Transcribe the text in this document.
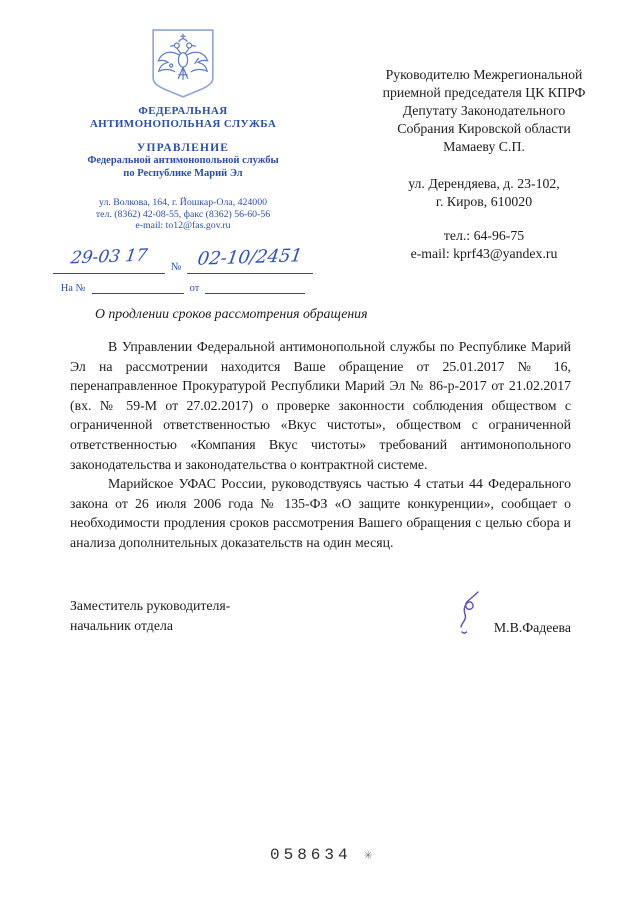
ФЕДЕРАЛЬНАЯ
АНТИМОНОПОЛЬНАЯ СЛУЖБА
УПРАВЛЕНИЕ
Федеральной антимонопольной службы
по Республике Марий Эл
ул. Волкова, 164, г. Йошкар-Ола, 424000
тел. (8362) 42-08-55, факс (8362) 56-60-56
e-mail: to12@fas.gov.ru
29-03 17	№ 02-10/2451
На №	от
Руководителю Межрегиональной
приемной председателя ЦК КПРФ
Депутату Законодательного
Собрания Кировской области
Мамаеву С.П.
ул. Дерендяева, д. 23-102,
г. Киров, 610020
тел.: 64-96-75
e-mail: kprf43@yandex.ru
О продлении сроков рассмотрения обращения

В Управлении Федеральной антимонопольной службы по Республике Марий Эл на рассмотрении находится Ваше обращение от 25.01.2017 № 16, перенаправленное Прокуратурой Республики Марий Эл № 86-р-2017 от 21.02.2017 (вх. № 59-М от 27.02.2017) о проверке законности соблюдения обществом с ограниченной ответственностью «Вкус чистоты», обществом с ограниченной ответственностью «Компания Вкус чистоты» требований антимонопольного законодательства и законодательства о контрактной системе.

Марийское УФАС России, руководствуясь частью 4 статьи 44 Федерального закона от 26 июля 2006 года № 135-ФЗ «О защите конкуренции», сообщает о необходимости продления сроков рассмотрения Вашего обращения с целью сбора и анализа дополнительных доказательств на один месяц.

Заместитель руководителя-
начальник отдела	М.В.Фадеева
058634 ✳
